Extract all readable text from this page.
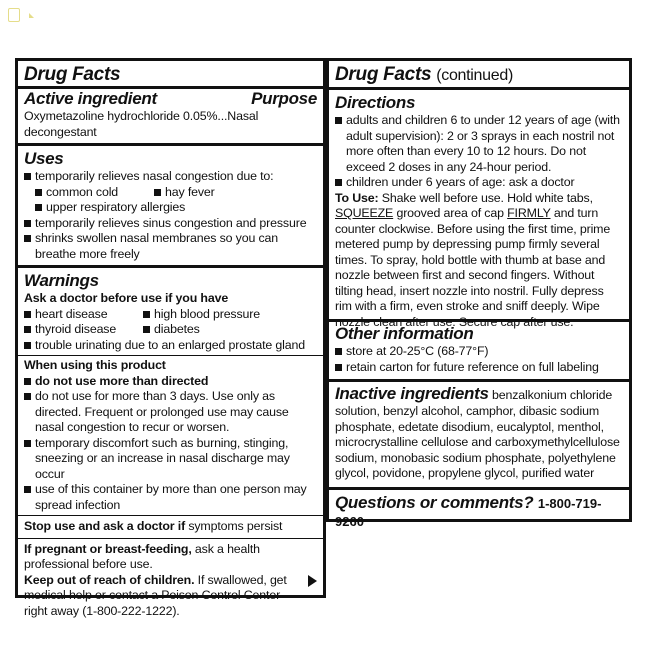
Drug Facts
Active ingredient	Purpose
Oxymetazoline hydrochloride 0.05%...Nasal decongestant
Uses
temporarily relieves nasal congestion due to:
common cold	hay fever
upper respiratory allergies
temporarily relieves sinus congestion and pressure
shrinks swollen nasal membranes so you can breathe more freely
Warnings
Ask a doctor before use if you have
heart disease	high blood pressure
thyroid disease	diabetes
trouble urinating due to an enlarged prostate gland
When using this product
do not use more than directed
do not use for more than 3 days. Use only as directed. Frequent or prolonged use may cause nasal congestion to recur or worsen.
temporary discomfort such as burning, stinging, sneezing or an increase in nasal discharge may occur
use of this container by more than one person may spread infection
Stop use and ask a doctor if symptoms persist
If pregnant or breast-feeding, ask a health professional before use.
Keep out of reach of children. If swallowed, get medical help or contact a Poison Control Center right away (1-800-222-1222).
Drug Facts (continued)
Directions
adults and children 6 to under 12 years of age (with adult supervision): 2 or 3 sprays in each nostril not more often than every 10 to 12 hours. Do not exceed 2 doses in any 24-hour period.
children under 6 years of age: ask a doctor
To Use: Shake well before use. Hold white tabs, SQUEEZE grooved area of cap FIRMLY and turn counter clockwise. Before using the first time, prime metered pump by depressing pump firmly several times. To spray, hold bottle with thumb at base and nozzle between first and second fingers. Without tilting head, insert nozzle into nostril. Fully depress rim with a firm, even stroke and sniff deeply. Wipe nozzle clean after use. Secure cap after use.
Other information
store at 20-25°C (68-77°F)
retain carton for future reference on full labeling
Inactive ingredients benzalkonium chloride solution, benzyl alcohol, camphor, dibasic sodium phosphate, edetate disodium, eucalyptol, menthol, microcrystalline cellulose and carboxymethylcellulose sodium, monobasic sodium phosphate, polyethylene glycol, povidone, propylene glycol, purified water
Questions or comments? 1-800-719-9260
